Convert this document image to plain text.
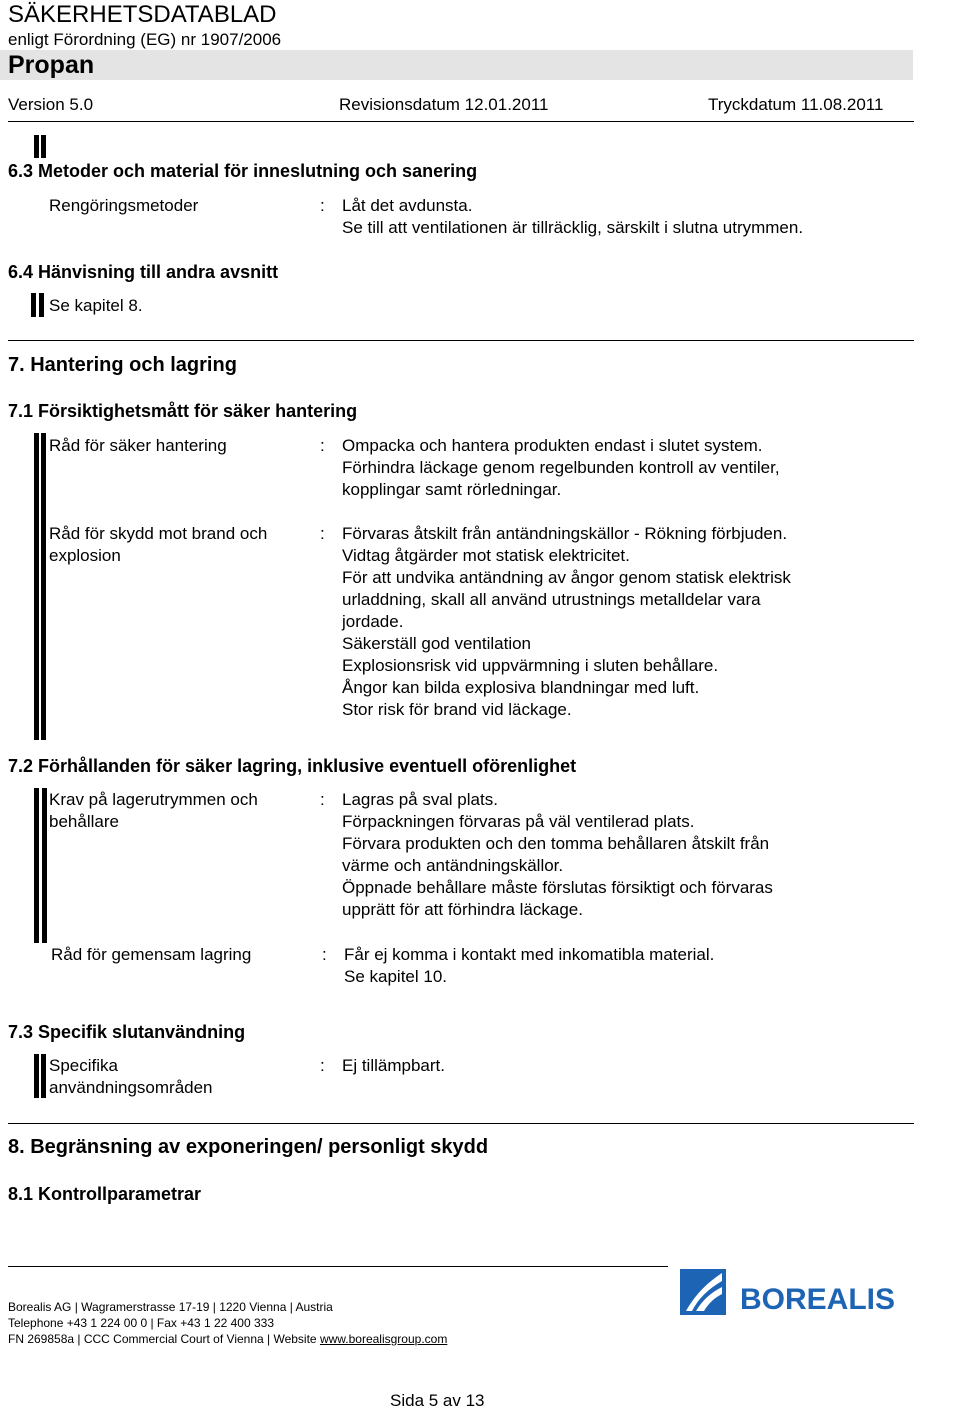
SÄKERHETSDATABLAD
enligt Förordning (EG) nr 1907/2006
Propan
Version 5.0	Revisionsdatum 12.01.2011	Tryckdatum 11.08.2011
6.3 Metoder och material för inneslutning och sanering
Rengöringsmetoder	: Låt det avdunsta.
Se till att ventilationen är tillräcklig, särskilt i slutna utrymmen.
6.4 Hänvisning till andra avsnitt
Se kapitel 8.
7. Hantering och lagring
7.1 Försiktighetsmått för säker hantering
Råd för säker hantering	: Ompacka och hantera produkten endast i slutet system.
Förhindra läckage genom regelbunden kontroll av ventiler,
kopplingar samt rörledningar.
Råd för skydd mot brand och
explosion
: Förvaras åtskilt från antändningskällor - Rökning förbjuden.
Vidtag åtgärder mot statisk elektricitet.
För att undvika antändning av ångor genom statisk elektrisk
urladdning, skall all använd utrustnings metalldelar vara
jordade.
Säkerställ god ventilation
Explosionsrisk vid uppvärmning i sluten behållare.
Ångor kan bilda explosiva blandningar med luft.
Stor risk för brand vid läckage.
7.2 Förhållanden för säker lagring, inklusive eventuell oförenlighet
Krav på lagerutrymmen och
behållare
: Lagras på sval plats.
Förpackningen förvaras på väl ventilerad plats.
Förvara produkten och den tomma behållaren åtskilt från
värme och antändningskällor.
Öppnade behållare måste förslutas försiktigt och förvaras
upprätt för att förhindra läckage.
Råd för gemensam lagring	: Får ej komma i kontakt med inkomatibla material.
Se kapitel 10.
7.3 Specifik slutanvändning
Specifika
användningsområden
: Ej tillämpbart.
8. Begränsning av exponeringen/ personligt skydd
8.1 Kontrollparametrar
Borealis AG | Wagramerstrasse 17-19 | 1220 Vienna | Austria
Telephone +43 1 224 00 0 | Fax +43 1 22 400 333
FN 269858a | CCC Commercial Court of Vienna | Website www.borealisgroup.com
BOREALIS
Sida 5 av 13
